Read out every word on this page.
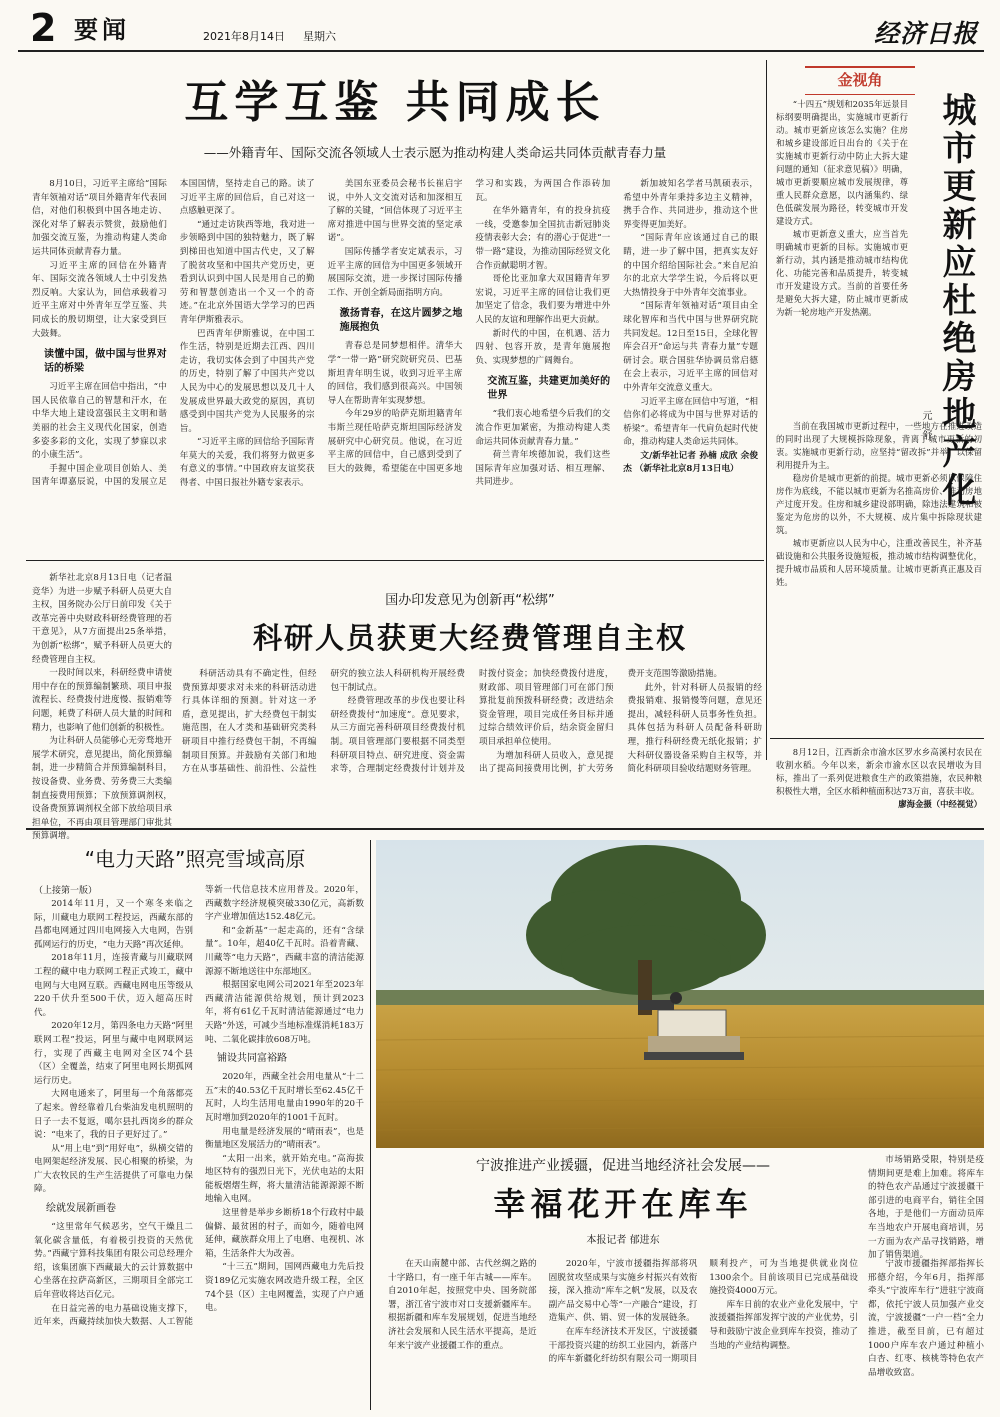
2 要闻	2021年8月14日 星期六	经济日报
互学互鉴 共同成长
——外籍青年、国际交流各领域人士表示愿为推动构建人类命运共同体贡献青春力量

8月10日，习近平主席给“国际青年领袖对话”项目外籍青年代表回信，对他们积极到中国各地走访、深化对华了解表示赞赏，鼓励他们加强交流互鉴，为推动构建人类命运共同体贡献青春力量。

习近平主席的回信在外籍青年、国际交流各领域人士中引发热烈反响。大家认为，回信承载着习近平主席对中外青年互学互鉴、共同成长的殷切期望，让大家受到巨大鼓舞。

读懂中国，做中国与世界对话的桥梁

习近平主席在回信中指出，“中国人民依靠自己的智慧和汗水，在中华大地上建设富强民主文明和谐美丽的社会主义现代化国家，创造多姿多彩的文化，实现了梦寐以求的小康生活”。

手握中国企业项目创始人、美国青年谭嘉辰说，中国的发展立足本国国情，坚持走自己的路。读了习近平主席的回信后，自己对这一点感触更深了。

“通过走访陕西等地，我对进一步领略到中国的独特魅力，既了解到梯田也知道中国古代史，又了解了脱贫攻坚和中国共产党历史，更看到认识到中国人民是用自己的勤劳和智慧创造出一个又一个的奇迹。”在北京外国语大学学习的巴西青年伊斯雅表示。

巴西青年伊斯雅说，在中国工作生活，特别是近期去江西、四川走访，我切实体会到了中国共产党的历史，特别了解了中国共产党以人民为中心的发展思想以及几十人发展成世界最大政党的原因，真切感受到中国共产党为人民服务的宗旨。

“习近平主席的回信给予国际青年莫大的关爱，我们将努力做更多有意义的事情。”中国政府友谊奖获得者、中国日报社外籍专家表示。

美国东亚委员会秘书长崔启宇说，中外人文交流对话和加深相互了解的关键，“回信体现了习近平主席对推进中国与世界交流的坚定承诺”。

国际传播学者安定斌表示，习近平主席的回信为中国更多领域开展国际交流，进一步探讨国际传播工作、开创全新局面指明方向。

激扬青春，在这片圆梦之地施展抱负

青春总是同梦想相伴。清华大学“一带一路”研究院研究员、巴基斯坦青年明生说，收到习近平主席的回信，我们感到很高兴。中国领导人在帮助青年实现梦想。

今年29岁的哈萨克斯坦籍青年韦斯兰现任哈萨克斯坦国际经济发展研究中心研究员。他说，在习近平主席的回信中，自己感到受到了巨大的鼓舞，希望能在中国更多地学习和实践，为两国合作添砖加瓦。

在华外籍青年，有的投身抗疫一线，受邀参加全国抗击新冠肺炎疫情表彰大会；有的潜心于促进“一带一路”建设，为推动国际经贸文化合作贡献聪明才智。

哥伦比亚加拿大双国籍青年罗宏说，习近平主席的回信让我们更加坚定了信念，我们要为增进中外人民的友谊和理解作出更大贡献。

新时代的中国，在机遇、活力四射、包容开放，是青年施展抱负、实现梦想的广阔舞台。

交流互鉴，共建更加美好的世界

“我们衷心地希望今后我们的交流合作更加紧密，为推动构建人类命运共同体贡献青春力量。”

荷兰青年埃德加说，我们这些国际青年应加强对话、相互理解、共同进步。

新加坡知名学者马凯硕表示，希望中外青年秉持多边主义精神，携手合作、共同进步，推动这个世界变得更加美好。

“国际青年应该通过自己的眼睛，进一步了解中国，把真实友好的中国介绍给国际社会。”来自尼泊尔的北京大学学生说，今后将以更大热情投身于中外青年交流事业。

“国际青年领袖对话”项目由全球化智库和当代中国与世界研究院共同发起。12日至15日，全球化智库会召开“命运与共 青春力量”专题研讨会。联合国驻华协调员常启德在会上表示，习近平主席的回信对中外青年交流意义重大。

习近平主席在回信中写道，“相信你们必将成为中国与世界对话的桥梁”。希望青年一代肩负起时代使命，推动构建人类命运共同体。

文/新华社记者 孙楠 成欣 余俊杰 （新华社北京8月13日电）

金视角
城市更新应杜绝房地产化
元舒

“十四五”规划和2035年远景目标纲要明确提出，实施城市更新行动。城市更新应该怎么实施？住房和城乡建设部近日出台的《关于在实施城市更新行动中防止大拆大建问题的通知（征求意见稿）》明确，城市更新要顺应城市发展规律，尊重人民群众意愿，以内涵集约、绿色低碳发展为路径，转变城市开发建设方式。

城市更新意义重大，应当首先明确城市更新的目标。实施城市更新行动，其内涵是推动城市结构优化、功能完善和品质提升，转变城市开发建设方式。当前的首要任务是避免大拆大建，防止城市更新成为新一轮房地产开发热潮。

当前在我国城市更新过程中，一些地方在推进改造的同时出现了大规模拆除现象，背离了城市更新的初衷。实施城市更新行动，应坚持“留改拆”并举、以保留利用提升为主。

稳房价是城市更新的前提。城市更新必须以保障住房作为底线，不能以城市更新为名推高房价、推动房地产过度开发。住房和城乡建设部明确，除违法建筑和被鉴定为危房的以外，不大规模、成片集中拆除现状建筑。

城市更新应以人民为中心，注重改善民生，补齐基础设施和公共服务设施短板，推动城市结构调整优化，提升城市品质和人居环境质量。让城市更新真正惠及百姓。

8月12日，江西新余市渝水区罗水乡高溪村农民在收割水稻。今年以来，新余市渝水区以农民增收为目标，推出了一系列促进粮食生产的政策措施，农民种粮积极性大增，全区水稻种植面积达73万亩，喜获丰收。

廖海金摄（中经视觉）

新华社北京8月13日电（记者温竞华）为进一步赋予科研人员更大自主权，国务院办公厅日前印发《关于改革完善中央财政科研经费管理的若干意见》，从7方面提出25条举措，为创新“松绑”，赋予科研人员更大的经费管理自主权。

一段时间以来，科研经费申请使用中存在的预算编制繁琐、项目申报流程长、经费拨付进度慢、报销难等问题，耗费了科研人员大量的时间和精力，也影响了他们创新的积极性。

为让科研人员能够心无旁骛地开展学术研究，意见提出，简化预算编制，进一步精简合并预算编制科目，按设备费、业务费、劳务费三大类编制直接费用预算；下放预算调剂权，设备费预算调剂权全部下放给项目承担单位，不再由项目管理部门审批其预算调增。

国办印发意见为创新再“松绑”
科研人员获更大经费管理自主权

科研活动具有不确定性，但经费预算却要求对未来的科研活动进行具体详细的预测。针对这一矛盾，意见提出，扩大经费包干制实施范围，在人才类和基础研究类科研项目中推行经费包干制，不再编制项目预算。并鼓励有关部门和地方在从事基础性、前沿性、公益性研究的独立法人科研机构开展经费包干制试点。

经费管理改革的步伐也要让科研经费拨付“加速度”。意见要求，从三方面完善科研项目经费拨付机制。项目管理部门要根据不同类型科研项目特点、研究进度、资金需求等，合理制定经费拨付计划并及时拨付资金；加快经费拨付进度，财政部、项目管理部门可在部门预算批复前预拨科研经费；改进结余资金管理，项目完成任务目标并通过综合绩效评价后，结余资金留归项目承担单位使用。

为增加科研人员收入，意见提出了提高间接费用比例，扩大劳务费开支范围等激励措施。

此外，针对科研人员报销的经费报销难、报销慢等问题，意见还提出，减轻科研人员事务性负担。具体包括为科研人员配备科研助理，推行科研经费无纸化报销；扩大科研仪器设备采购自主权等，并简化科研项目验收结题财务管理。

“电力天路”照亮雪域高原
（上接第一版）

2014年11月，又一个寒冬来临之际，川藏电力联网工程投运，西藏东部的昌都电网通过四川电网接入大电网，告别孤网运行的历史，“电力天路”再次延伸。

2018年11月，连接青藏与川藏联网工程的藏中电力联网工程正式竣工，藏中电网与大电网互联。西藏电网电压等级从220千伏升至500千伏，迈入超高压时代。

2020年12月，第四条电力天路“阿里联网工程”投运，阿里与藏中电网联网运行，实现了西藏主电网对全区74个县（区）全覆盖，结束了阿里电网长期孤网运行历史。

大网电通来了，阿里每一个角落都亮了起来。曾经靠着几台柴油发电机照明的日子一去不复返，噶尔县扎西岗乡的群众说：“电来了，我的日子更好过了。”

从“用上电”到“用好电”，纵横交错的电网架起经济发展、民心相聚的桥梁，为广大农牧民的生产生活提供了可靠电力保障。

绘就发展新画卷

“这里常年气候恶劣，空气干燥且二氧化碳含量低，有着极引投资的天然优势。”西藏宁算科技集团有限公司总经理介绍，该集团旗下西藏最大的云计算数据中心坐落在拉萨高新区，三期项目全部完工后年营收将达百亿元。

在日益完善的电力基础设施支撑下，近年来，西藏持续加快大数据、人工智能等新一代信息技术应用普及。2020年，西藏数字经济规模突破330亿元，高新数字产业增加值达152.48亿元。

和“金新基”一起走高的，还有“含绿量”。10年，超40亿千瓦时。沿着青藏、川藏等“电力天路”，西藏丰富的清洁能源源源不断地送往中东部地区。

根据国家电网公司2021年至2023年西藏清洁能源供给规划，预计到2023年，将有61亿千瓦时清洁能源通过“电力天路”外送，可减少当地标准煤消耗183万吨、二氧化碳排放608万吨。

铺设共同富裕路

2020年，西藏全社会用电量从“十二五”末的40.53亿千瓦时增长至62.45亿千瓦时，人均生活用电量由1990年的20千瓦时增加到2020年的1001千瓦时。

用电量是经济发展的“晴雨表”，也是衡量地区发展活力的“晴雨表”。

“太阳一出来，就开始充电。”高海拔地区特有的强烈日光下，光伏电站的太阳能板熠熠生辉，将大量清洁能源源源不断地输入电网。

这里曾是举步乡断桥18个行政村中最偏僻、最贫困的村子，而如今，随着电网延伸，藏族群众用上了电磨、电视机、冰箱，生活条件大为改善。

“十三五”期间，国网西藏电力先后投资189亿元实施农网改造升级工程，全区74个县（区）主电网覆盖，实现了户户通电。

宁波推进产业援疆，促进当地经济社会发展——
幸福花开在库车
本报记者 郁进东

市场销路受限，特别是疫情期间更是难上加难。将库车的特色农产品通过宁波援疆干部引进的电商平台，销往全国各地，于是他们一方面动员库车当地农户开展电商培训，另一方面为农产品寻找销路，增加了销售渠道。

在天山南麓中部、古代丝绸之路的十字路口，有一座千年古城——库车。自2010年起，按照党中央、国务院部署，浙江省宁波市对口支援新疆库车。根据新疆和库车发展规划，促进当地经济社会发展和人民生活水平提高，是近年来宁波产业援疆工作的重点。

2020年，宁波市援疆指挥部将巩固脱贫攻坚成果与实施乡村振兴有效衔接，深入推动“库车之帆”发展，以及农副产品交易中心等“一产融合”建设，打造集产、供、销、贸一体的发展链条。

在库车经济技术开发区，宁波援疆干部投资兴建的纺织工业园内，新落户的库车新疆化纤纺织有限公司一期项目顺利投产，可为当地提供就业岗位1300余个。目前该项目已完成基础设施投资4000万元。

库车日前的农业产业化发展中，宁波援疆指挥部发挥宁波的产业优势，引导和鼓励宁波企业到库车投资，推动了当地的产业结构调整。

宁波市援疆指挥部指挥长邢德介绍，今年6月，指挥部牵头“宁波库车行”进驻宁波商都，依托宁波人员加强产业交流，宁波援疆“一户一档”全力推进，截至目前，已有超过1000户库车农户通过种植小白杏、红枣、核桃等特色农产品增收致富。
